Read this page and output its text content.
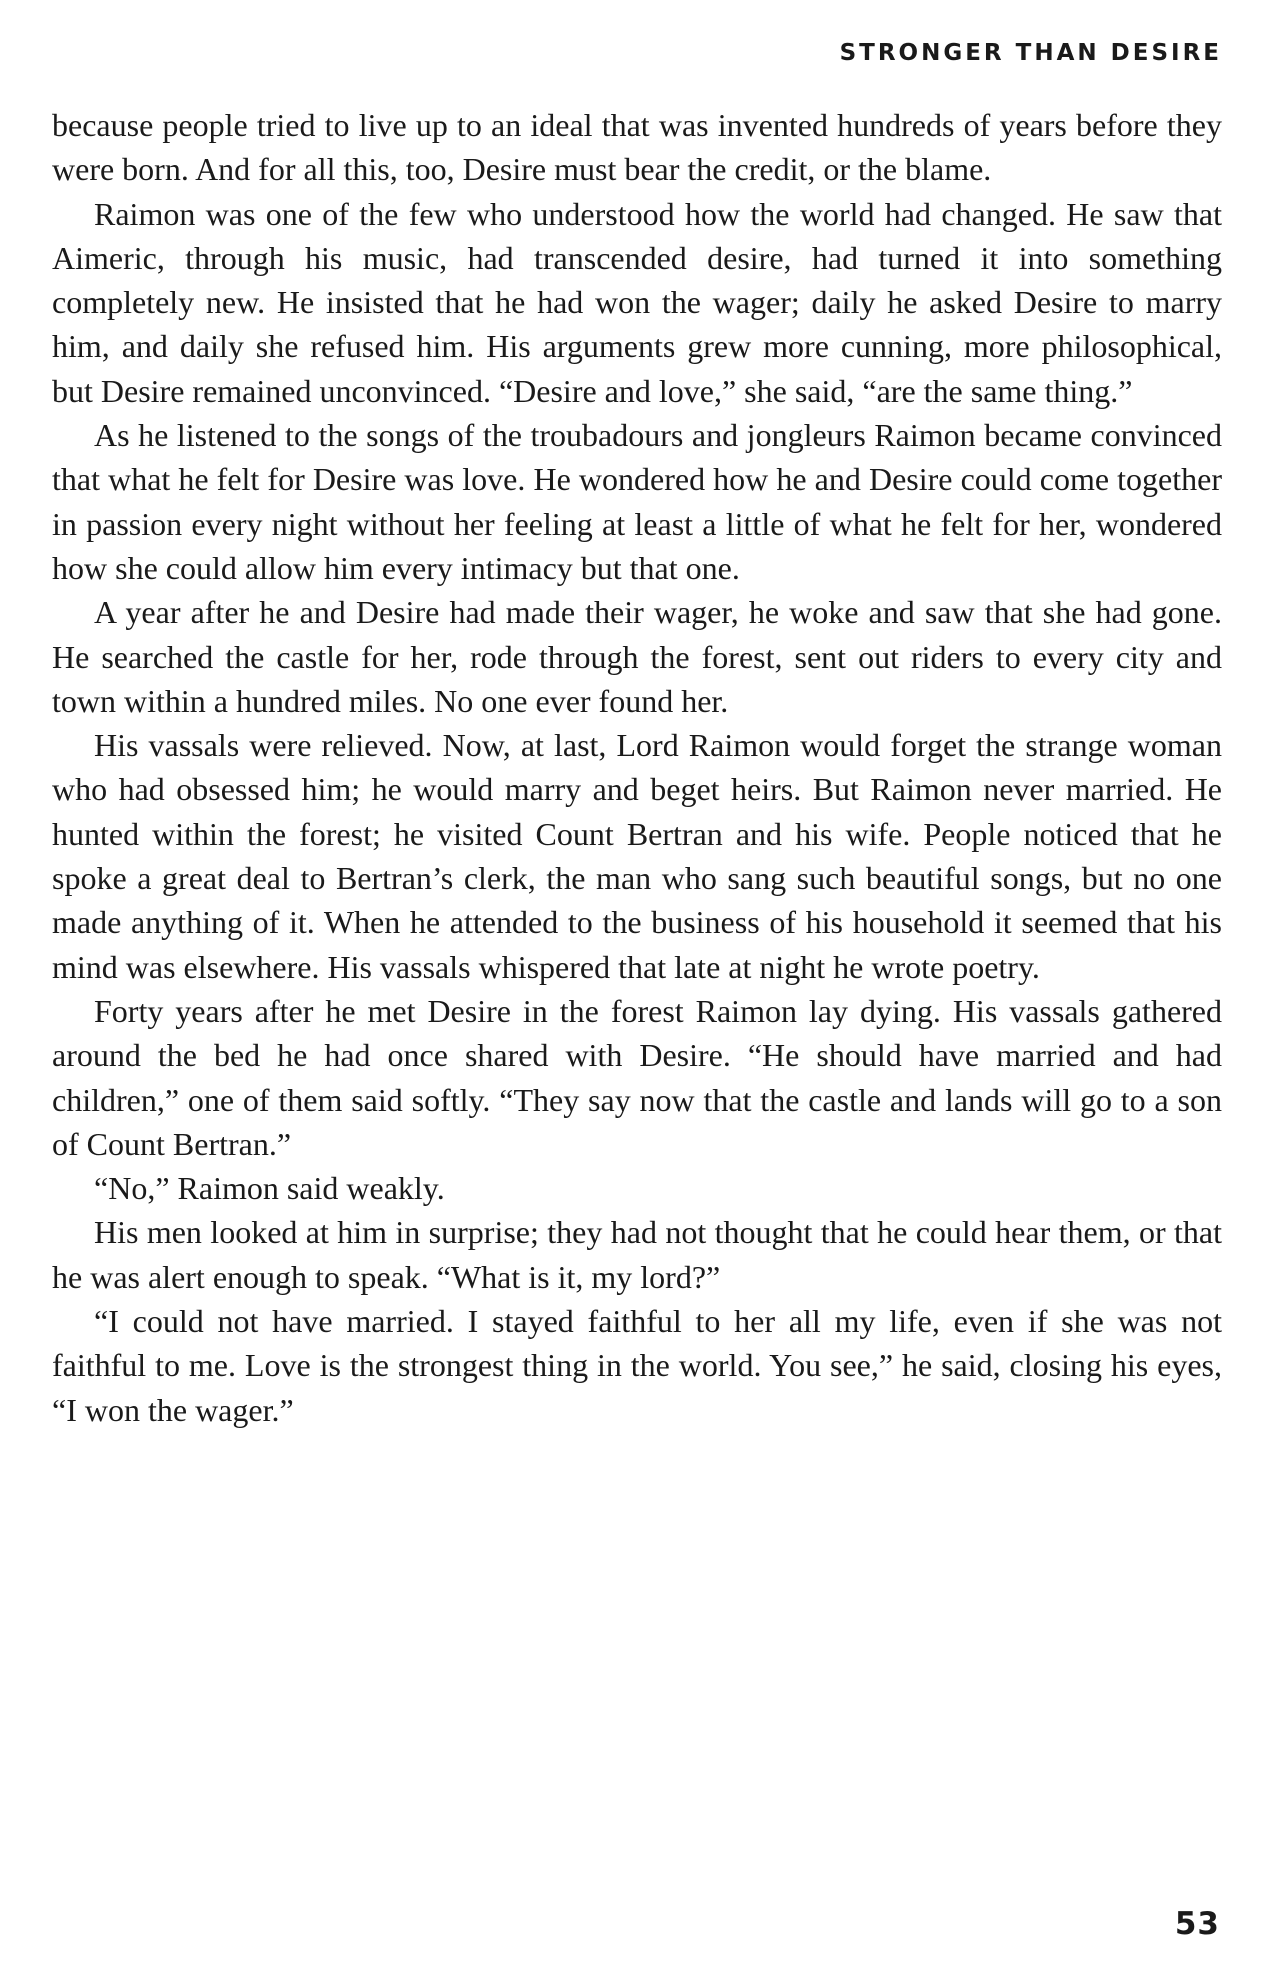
STRONGER THAN DESIRE

because people tried to live up to an ideal that was invented hundreds of years before they were born. And for all this, too, Desire must bear the credit, or the blame.

Raimon was one of the few who understood how the world had changed. He saw that Aimeric, through his music, had transcended desire, had turned it into something completely new. He insisted that he had won the wager; daily he asked Desire to marry him, and daily she refused him. His arguments grew more cunning, more philosophical, but Desire remained unconvinced. “Desire and love,” she said, “are the same thing.”

As he listened to the songs of the troubadours and jongleurs Raimon became convinced that what he felt for Desire was love. He wondered how he and Desire could come together in passion every night without her feeling at least a little of what he felt for her, wondered how she could allow him every intimacy but that one.

A year after he and Desire had made their wager, he woke and saw that she had gone. He searched the castle for her, rode through the forest, sent out riders to every city and town within a hundred miles. No one ever found her.

His vassals were relieved. Now, at last, Lord Raimon would forget the strange woman who had obsessed him; he would marry and beget heirs. But Raimon never married. He hunted within the forest; he visited Count Bertran and his wife. People noticed that he spoke a great deal to Bertran’s clerk, the man who sang such beautiful songs, but no one made anything of it. When he attended to the business of his household it seemed that his mind was elsewhere. His vassals whispered that late at night he wrote poetry.

Forty years after he met Desire in the forest Raimon lay dying. His vassals gathered around the bed he had once shared with Desire. “He should have married and had children,” one of them said softly. “They say now that the castle and lands will go to a son of Count Bertran.”

“No,” Raimon said weakly.

His men looked at him in surprise; they had not thought that he could hear them, or that he was alert enough to speak. “What is it, my lord?”

“I could not have married. I stayed faithful to her all my life, even if she was not faithful to me. Love is the strongest thing in the world. You see,” he said, closing his eyes, “I won the wager.”

53
